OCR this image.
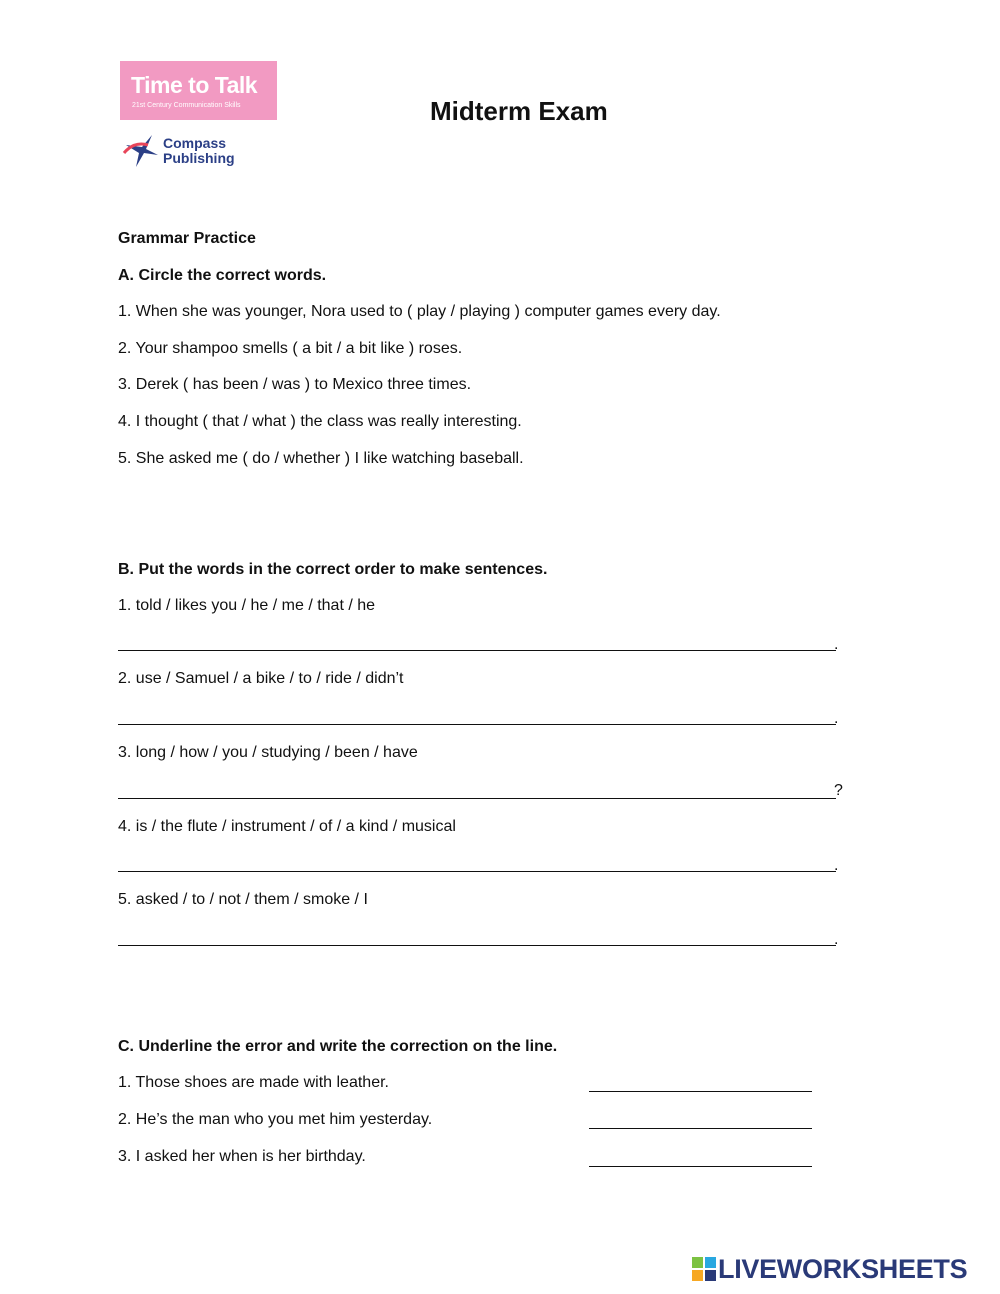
Time to Talk
21st Century Communication Skills
Compass
Publishing
Midterm Exam
Grammar Practice
A. Circle the correct words.
1. When she was younger, Nora used to ( play / playing ) computer games every day.
2. Your shampoo smells ( a bit / a bit like ) roses.
3. Derek ( has been / was ) to Mexico three times.
4. I thought ( that / what ) the class was really interesting.
5. She asked me ( do / whether ) I like watching baseball.
B. Put the words in the correct order to make sentences.
1. told / likes you / he / me / that / he
.
2. use / Samuel / a bike / to / ride / didn’t
.
3. long / how / you / studying / been / have
?
4. is / the flute / instrument / of / a kind / musical
.
5. asked / to / not / them / smoke / I
.
C. Underline the error and write the correction on the line.
1. Those shoes are made with leather.
2. He’s the man who you met him yesterday.
3. I asked her when is her birthday.
LIVEWORKSHEETS
